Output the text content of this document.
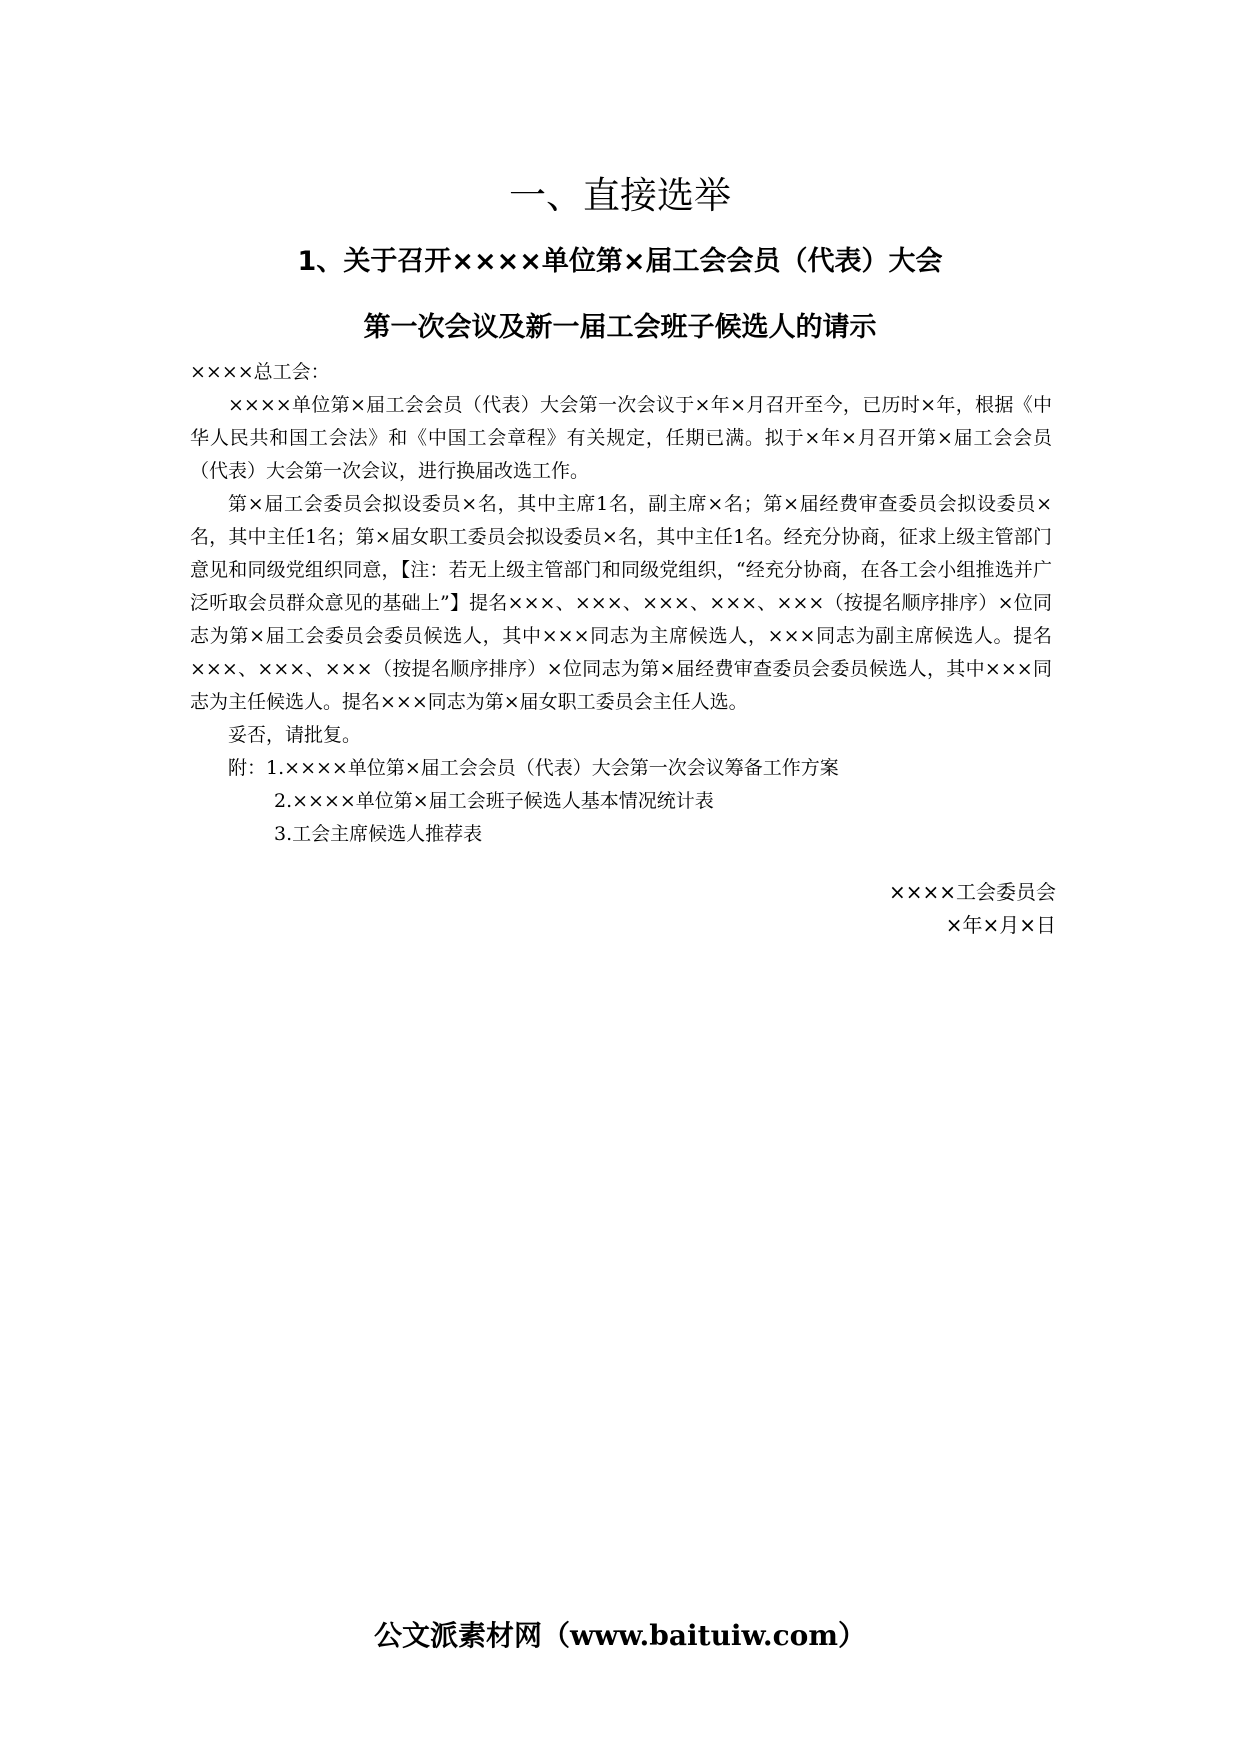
一、直接选举
1、关于召开××××单位第×届工会会员（代表）大会
第一次会议及新一届工会班子候选人的请示

××××总工会：

××××单位第×届工会会员（代表）大会第一次会议于×年×月召开至今，已历时×年，根据《中华人民共和国工会法》和《中国工会章程》有关规定，任期已满。拟于×年×月召开第×届工会会员（代表）大会第一次会议，进行换届改选工作。

第×届工会委员会拟设委员×名，其中主席1名，副主席×名；第×届经费审查委员会拟设委员×名，其中主任1名；第×届女职工委员会拟设委员×名，其中主任1名。经充分协商，征求上级主管部门意见和同级党组织同意，【注：若无上级主管部门和同级党组织，“经充分协商，在各工会小组推选并广泛听取会员群众意见的基础上”】提名×××、×××、×××、×××、×××（按提名顺序排序）×位同志为第×届工会委员会委员候选人，其中×××同志为主席候选人，×××同志为副主席候选人。提名×××、×××、×××（按提名顺序排序）×位同志为第×届经费审查委员会委员候选人，其中×××同志为主任候选人。提名×××同志为第×届女职工委员会主任人选。

妥否，请批复。

附：1.××××单位第×届工会会员（代表）大会第一次会议筹备工作方案
2.××××单位第×届工会班子候选人基本情况统计表
3.工会主席候选人推荐表
××××工会委员会
×年×月×日
公文派素材网（www.baituiw.com）
